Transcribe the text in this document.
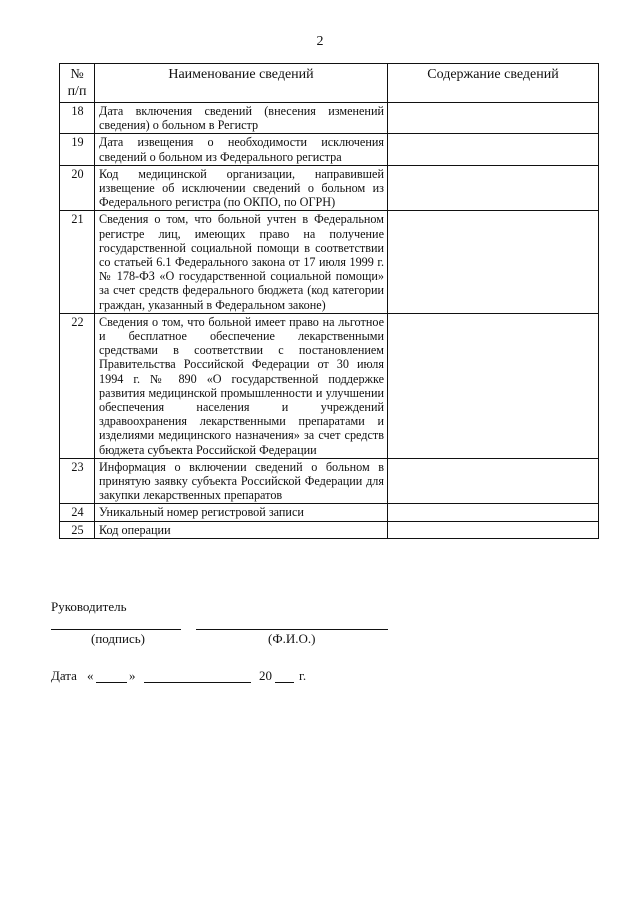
2
№ п/п	Наименование сведений	Содержание сведений
18	Дата включения сведений (внесения изменений сведения) о больном в Регистр	
19	Дата извещения о необходимости исключения сведений о больном из Федерального регистра	
20	Код медицинской организации, направившей извещение об исключении сведений о больном из Федерального регистра (по ОКПО, по ОГРН)	
21	Сведения о том, что больной учтен в Федеральном регистре лиц, имеющих право на получение государственной социальной помощи в соответствии со статьей 6.1 Федерального закона от 17 июля 1999 г. № 178-ФЗ «О государственной социальной помощи» за счет средств федерального бюджета (код категории граждан, указанный в Федеральном законе)	
22	Сведения о том, что больной имеет право на льготное и бесплатное обеспечение лекарственными средствами в соответствии с постановлением Правительства Российской Федерации от 30 июля 1994 г. № 890 «О государственной поддержке развития медицинской промышленности и улучшении обеспечения населения и учреждений здравоохранения лекарственными препаратами и изделиями медицинского назначения» за счет средств бюджета субъекта Российской Федерации	
23	Информация о включении сведений о больном в принятую заявку субъекта Российской Федерации для закупки лекарственных препаратов	
24	Уникальный номер регистровой записи	
25	Код операции	
Руководитель
(подпись)	(Ф.И.О.)
Дата «	»	20 г.
